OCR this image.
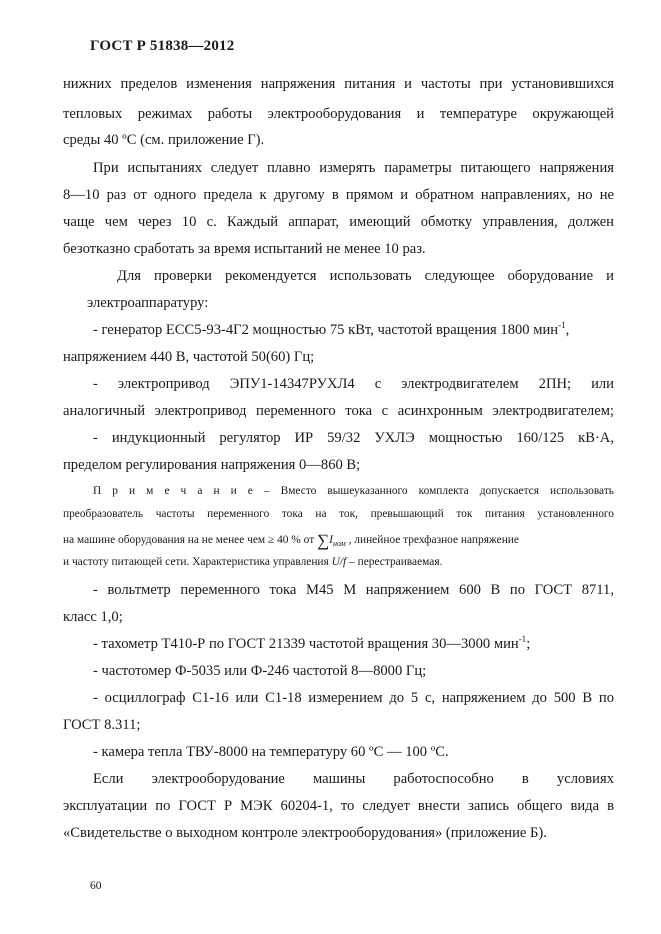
ГОСТ Р 51838—2012
нижних пределов изменения напряжения питания и частоты при установившихся
тепловых режимах работы электрооборудования и температуре окружающей
среды 40 ºС (см. приложение Г).
При испытаниях следует плавно измерять параметры питающего напряжения
8—10 раз от одного предела к другому в прямом и обратном направлениях, но не
чаще чем через 10 с. Каждый аппарат, имеющий обмотку управления, должен
безотказно сработать за время испытаний не менее 10 раз.
Для проверки рекомендуется использовать следующее оборудование и
электроаппаратуру:
- генератор ЕСС5-93-4Г2 мощностью 75 кВт, частотой вращения 1800 мин$^{-1}$,
напряжением 440 В, частотой 50(60) Гц;
- электропривод ЭПУ1-14347РУХЛ4 с электродвигателем 2ПН; или
аналогичный электропривод переменного тока с асинхронным электродвигателем;
- индукционный регулятор ИР 59/32 УХЛЭ мощностью 160/125 кВ·А,
пределом регулирования напряжения 0—860 В;
П р и м е ч а н и е – Вместо вышеуказанного комплекта допускается использовать
преобразователь частоты переменного тока на ток, превышающий ток питания установленного
на машине оборудования на не менее чем ≥ 40 % от $\sum I_{ном}$ , линейное трехфазное напряжение
и частоту питающей сети. Характеристика управления U/f – перестраиваемая.
- вольтметр переменного тока М45 М напряжением 600 В по ГОСТ 8711,
класс 1,0;
- тахометр Т410-Р по ГОСТ 21339 частотой вращения 30—3000 мин$^{-1}$;
- частотомер Ф-5035 или Ф-246 частотой 8—8000 Гц;
- осциллограф С1-16 или С1-18 измерением до 5 с, напряжением до 500 В по
ГОСТ 8.311;
- камера тепла ТВУ-8000 на температуру 60 ºС — 100 ºС.
Если электрооборудование машины работоспособно в условиях
эксплуатации по ГОСТ Р МЭК 60204-1, то следует внести запись общего вида в
«Свидетельстве о выходном контроле электрооборудования» (приложение Б).
60
